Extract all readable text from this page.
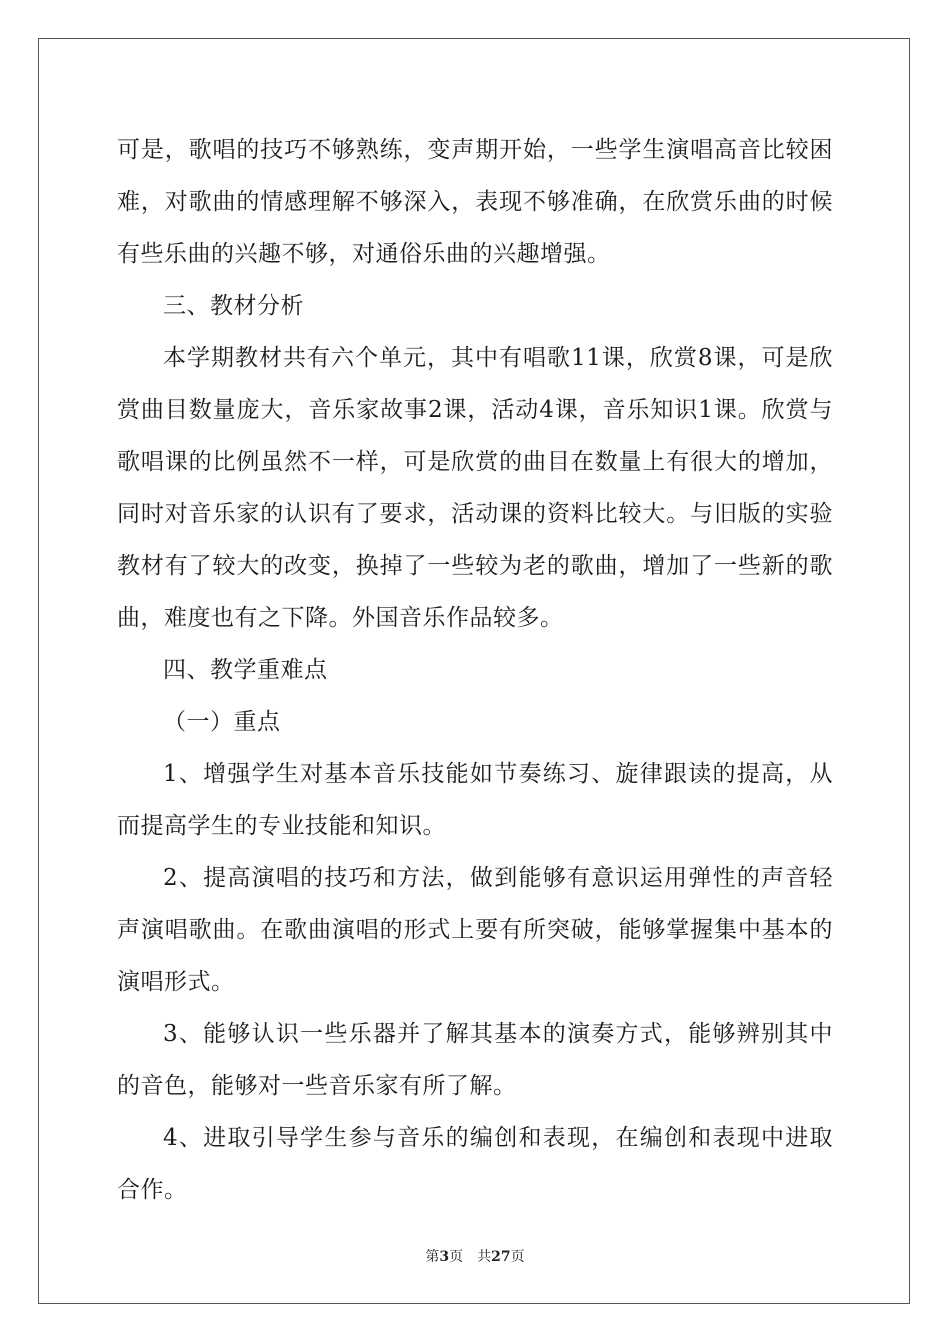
可是，歌唱的技巧不够熟练，变声期开始，一些学生演唱高音比较困难，对歌曲的情感理解不够深入，表现不够准确，在欣赏乐曲的时候有些乐曲的兴趣不够，对通俗乐曲的兴趣增强。

三、教材分析

本学期教材共有六个单元，其中有唱歌11课，欣赏8课，可是欣赏曲目数量庞大，音乐家故事2课，活动4课，音乐知识1课。欣赏与歌唱课的比例虽然不一样，可是欣赏的曲目在数量上有很大的增加，同时对音乐家的认识有了要求，活动课的资料比较大。与旧版的实验教材有了较大的改变，换掉了一些较为老的歌曲，增加了一些新的歌曲，难度也有之下降。外国音乐作品较多。

四、教学重难点

（一）重点

1、增强学生对基本音乐技能如节奏练习、旋律跟读的提高，从而提高学生的专业技能和知识。

2、提高演唱的技巧和方法，做到能够有意识运用弹性的声音轻声演唱歌曲。在歌曲演唱的形式上要有所突破，能够掌握集中基本的演唱形式。

3、能够认识一些乐器并了解其基本的演奏方式，能够辨别其中的音色，能够对一些音乐家有所了解。

4、进取引导学生参与音乐的编创和表现，在编创和表现中进取合作。

第3页 共27页
